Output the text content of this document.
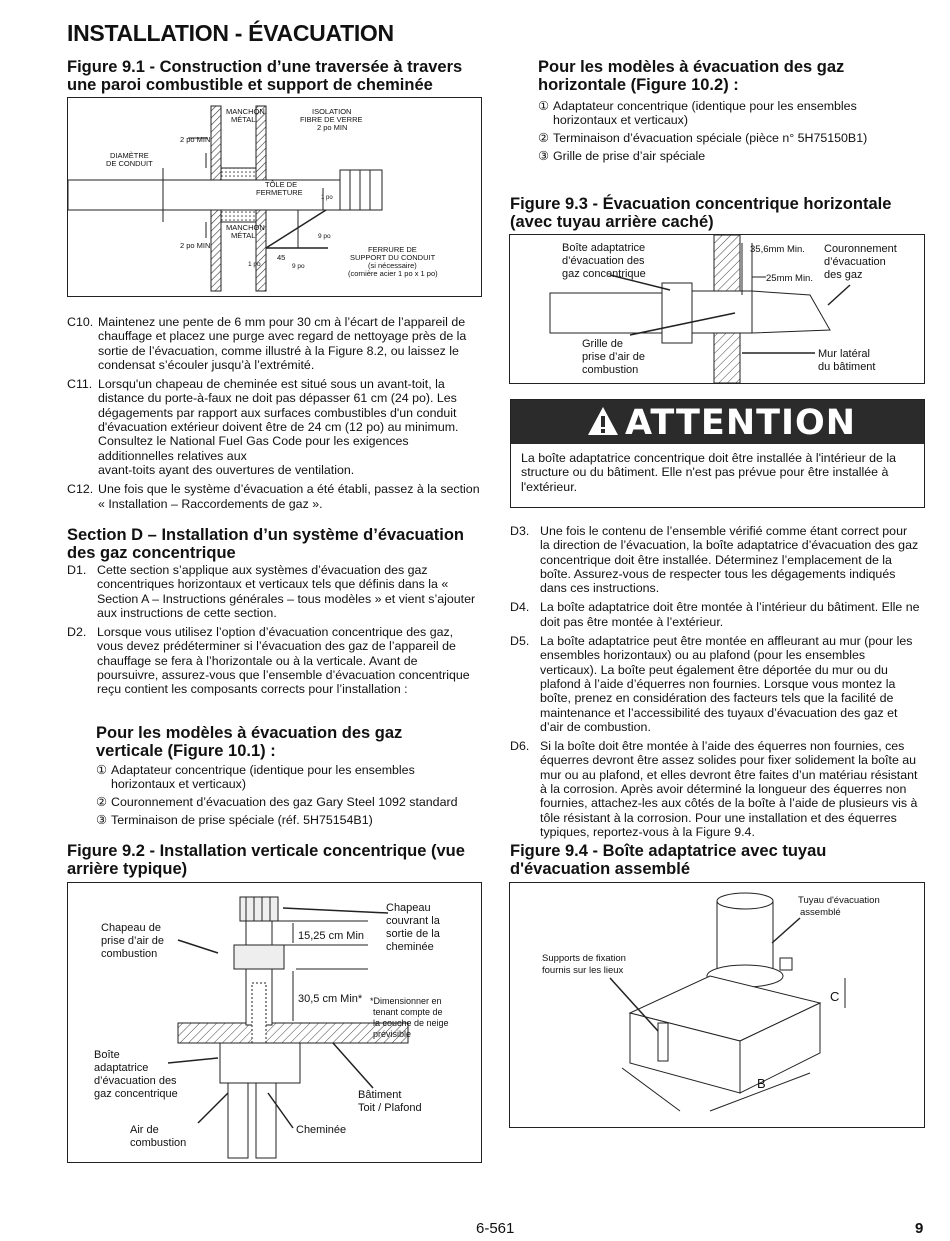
INSTALLATION - ÉVACUATION
Figure 9.1 - Construction d’une traversée à travers
une paroi combustible et support de cheminée
MANCHON
MÉTAL
ISOLATION
FIBRE DE VERRE
2 po MIN
2 po MIN
DIAMÈTRE
DE CONDUIT
TÔLE DE
FERMETURE
1 po
MANCHON
MÉTAL
2 po MIN
9 po
1 po
45
9 po
FERRURE DE
SUPPORT DU CONDUIT
(si nécessaire)
(cornière acier 1 po x 1 po)
C10. Maintenez une pente de 6 mm pour 30 cm à l’écart de l’appareil de chauffage et placez une purge avec regard de nettoyage près de la sortie de l’évacuation, comme illustré à la Figure 8.2, ou laissez le condensat s’écouler jusqu’à l’extrémité.
C11. Lorsqu'un chapeau de cheminée est situé sous un avant-toit, la distance du porte-à-faux ne doit pas dépasser 61 cm (24 po). Les dégagements par rapport aux surfaces combustibles d'un conduit d'évacuation extérieur doivent être de 24 cm (12 po) au minimum. Consultez le National Fuel Gas Code pour les exigences additionnelles relatives aux
avant-toits ayant des ouvertures de ventilation.
C12. Une fois que le système d’évacuation a été établi, passez à la section « Installation – Raccordements de gaz ».
Section D – Installation d’un système d’évacuation
des gaz concentrique
D1. Cette section s’applique aux systèmes d’évacuation des gaz concentriques horizontaux et verticaux tels que définis dans la « Section A – Instructions générales – tous modèles » et vient s’ajouter aux instructions de cette section.
D2. Lorsque vous utilisez l’option d’évacuation concentrique des gaz, vous devez prédéterminer si l’évacuation des gaz de l’appareil de chauffage se fera à l’horizontale ou à la verticale. Avant de poursuivre, assurez-vous que l’ensemble d’évacuation concentrique reçu contient les composants corrects pour l’installation :
Pour les modèles à évacuation des gaz
verticale (Figure 10.1) :
① Adaptateur concentrique (identique pour les ensembles horizontaux et verticaux)
② Couronnement d’évacuation des gaz Gary Steel 1092 standard
③ Terminaison de prise spéciale (réf. 5H75154B1)
Figure 9.2 - Installation verticale concentrique (vue
arrière typique)
Chapeau de
prise d’air de
combustion
15,25 cm Min
30,5 cm Min*
Chapeau
couvrant la
sortie de la
cheminée
*Dimensionner en
tenant compte de
la couche de neige
prévisible
Boîte
adaptatrice
d’évacuation des
gaz concentrique	Bâtiment
Toit / Plafond
Air de
combustion
Cheminée
Pour les modèles à évacuation des gaz
horizontale (Figure 10.2) :
① Adaptateur concentrique (identique pour les ensembles horizontaux et verticaux)
② Terminaison d’évacuation spéciale (pièce n° 5H75150B1)
③ Grille de prise d’air spéciale
Figure 9.3 - Évacuation concentrique horizontale
(avec tuyau arrière caché)
Boîte adaptatrice
d’évacuation des
gaz concentrique
35,6mm Min.
25mm Min.
Couronnement
d’évacuation
des gaz
Grille de
prise d’air de
combustion
Mur latéral
du bâtiment
ATTENTION
La boîte adaptatrice concentrique doit être installée à l'intérieur de la structure ou du bâtiment. Elle n'est pas prévue pour être installée à l'extérieur.
D3. Une fois le contenu de l’ensemble vérifié comme étant correct pour la direction de l’évacuation, la boîte adaptatrice d’évacuation des gaz concentrique doit être installée. Déterminez l’emplacement de la boîte. Assurez-vous de respecter tous les dégagements indiqués dans ces instructions.
D4. La boîte adaptatrice doit être montée à l’intérieur du bâtiment. Elle ne doit pas être montée à l’extérieur.
D5. La boîte adaptatrice peut être montée en affleurant au mur (pour les ensembles horizontaux) ou au plafond (pour les ensembles verticaux). La boîte peut également être déportée du mur ou du plafond à l’aide d’équerres non fournies. Lorsque vous montez la boîte, prenez en considération des facteurs tels que la facilité de maintenance et l’accessibilité des tuyaux d’évacuation des gaz et d’air de combustion.
D6. Si la boîte doit être montée à l’aide des équerres non fournies, ces équerres devront être assez solides pour fixer solidement la boîte au mur ou au plafond, et elles devront être faites d’un matériau résistant à la corrosion. Après avoir déterminé la longueur des équerres non fournies, attachez-les aux côtés de la boîte à l’aide de plusieurs vis à tôle résistant à la corrosion. Pour une installation et des équerres typiques, reportez-vous à la Figure 9.4.
Figure 9.4 - Boîte adaptatrice avec tuyau
d'évacuation assemblé
Tuyau d'évacuation
assemblé
Supports de fixation
fournis sur les lieux
B
C
6-561	9
